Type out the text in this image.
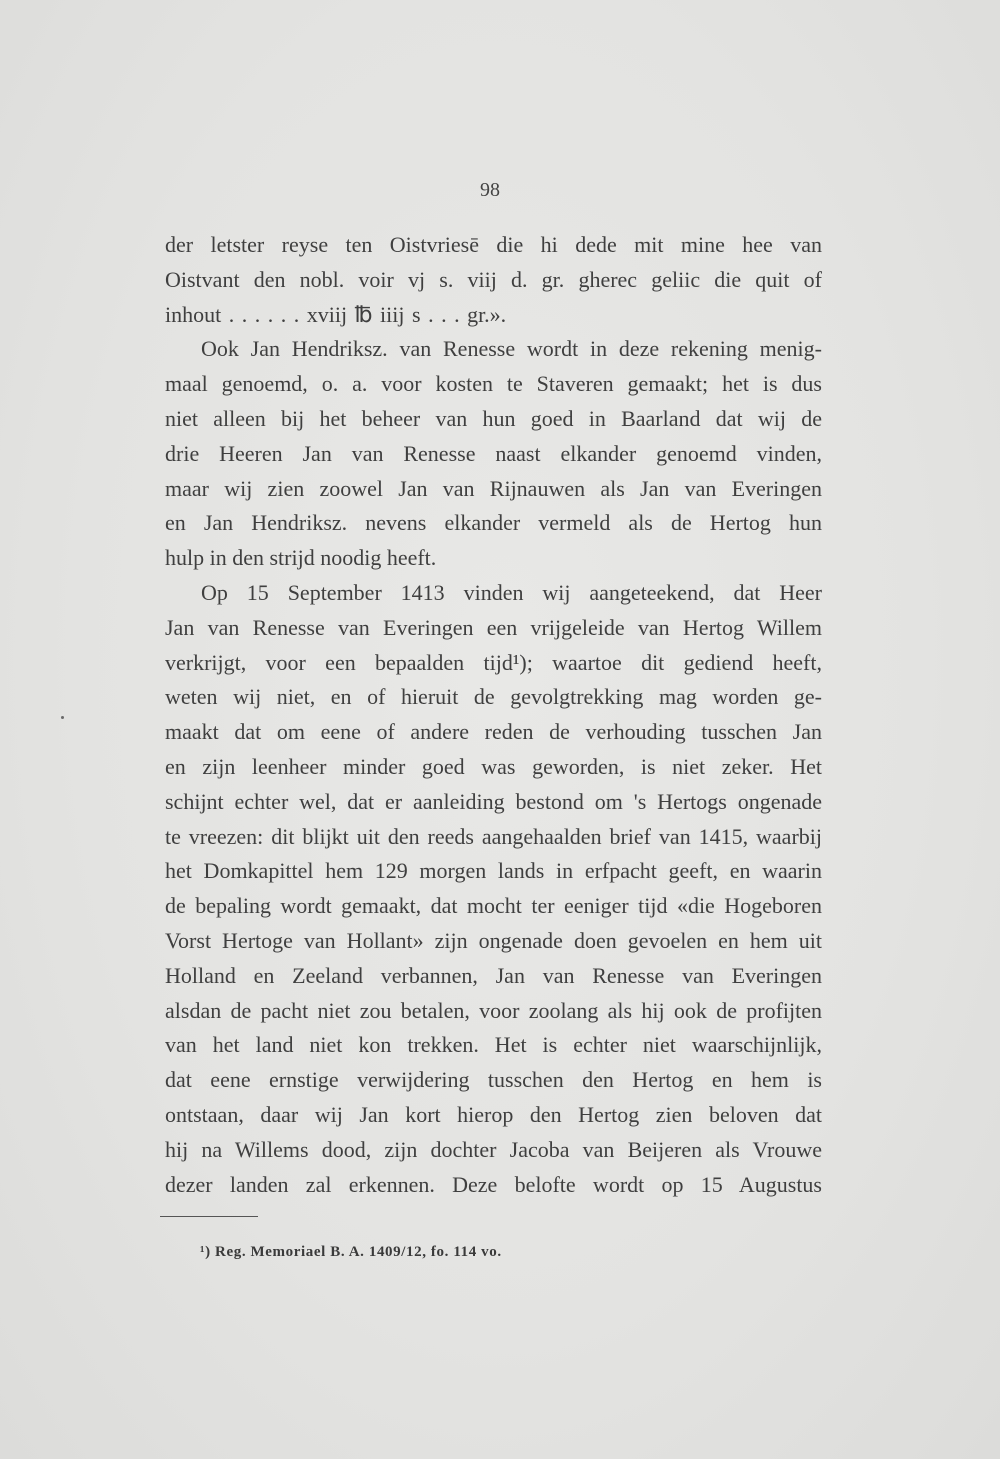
98
der letster reyse ten Oistvriesē die hi dede mit mine hee van
Oistvant den nobl. voir vj s. viij d. gr. gherec geliic die quit of
inhout . . . . . . xviij ℔ iiij s . . . gr.».
Ook Jan Hendriksz. van Renesse wordt in deze rekening menig-
maal genoemd, o. a. voor kosten te Staveren gemaakt; het is dus
niet alleen bij het beheer van hun goed in Baarland dat wij de
drie Heeren Jan van Renesse naast elkander genoemd vinden,
maar wij zien zoowel Jan van Rijnauwen als Jan van Everingen
en Jan Hendriksz. nevens elkander vermeld als de Hertog hun
hulp in den strijd noodig heeft.
Op 15 September 1413 vinden wij aangeteekend, dat Heer
Jan van Renesse van Everingen een vrijgeleide van Hertog Willem
verkrijgt, voor een bepaalden tijd¹); waartoe dit gediend heeft,
weten wij niet, en of hieruit de gevolgtrekking mag worden ge-
maakt dat om eene of andere reden de verhouding tusschen Jan
en zijn leenheer minder goed was geworden, is niet zeker. Het
schijnt echter wel, dat er aanleiding bestond om 's Hertogs ongenade
te vreezen: dit blijkt uit den reeds aangehaalden brief van 1415, waarbij
het Domkapittel hem 129 morgen lands in erfpacht geeft, en waarin
de bepaling wordt gemaakt, dat mocht ter eeniger tijd «die Hogeboren
Vorst Hertoge van Hollant» zijn ongenade doen gevoelen en hem uit
Holland en Zeeland verbannen, Jan van Renesse van Everingen
alsdan de pacht niet zou betalen, voor zoolang als hij ook de profijten
van het land niet kon trekken. Het is echter niet waarschijnlijk,
dat eene ernstige verwijdering tusschen den Hertog en hem is
ontstaan, daar wij Jan kort hierop den Hertog zien beloven dat
hij na Willems dood, zijn dochter Jacoba van Beijeren als Vrouwe
dezer landen zal erkennen. Deze belofte wordt op 15 Augustus
¹) Reg. Memoriael B. A. 1409/12, fo. 114 vo.
